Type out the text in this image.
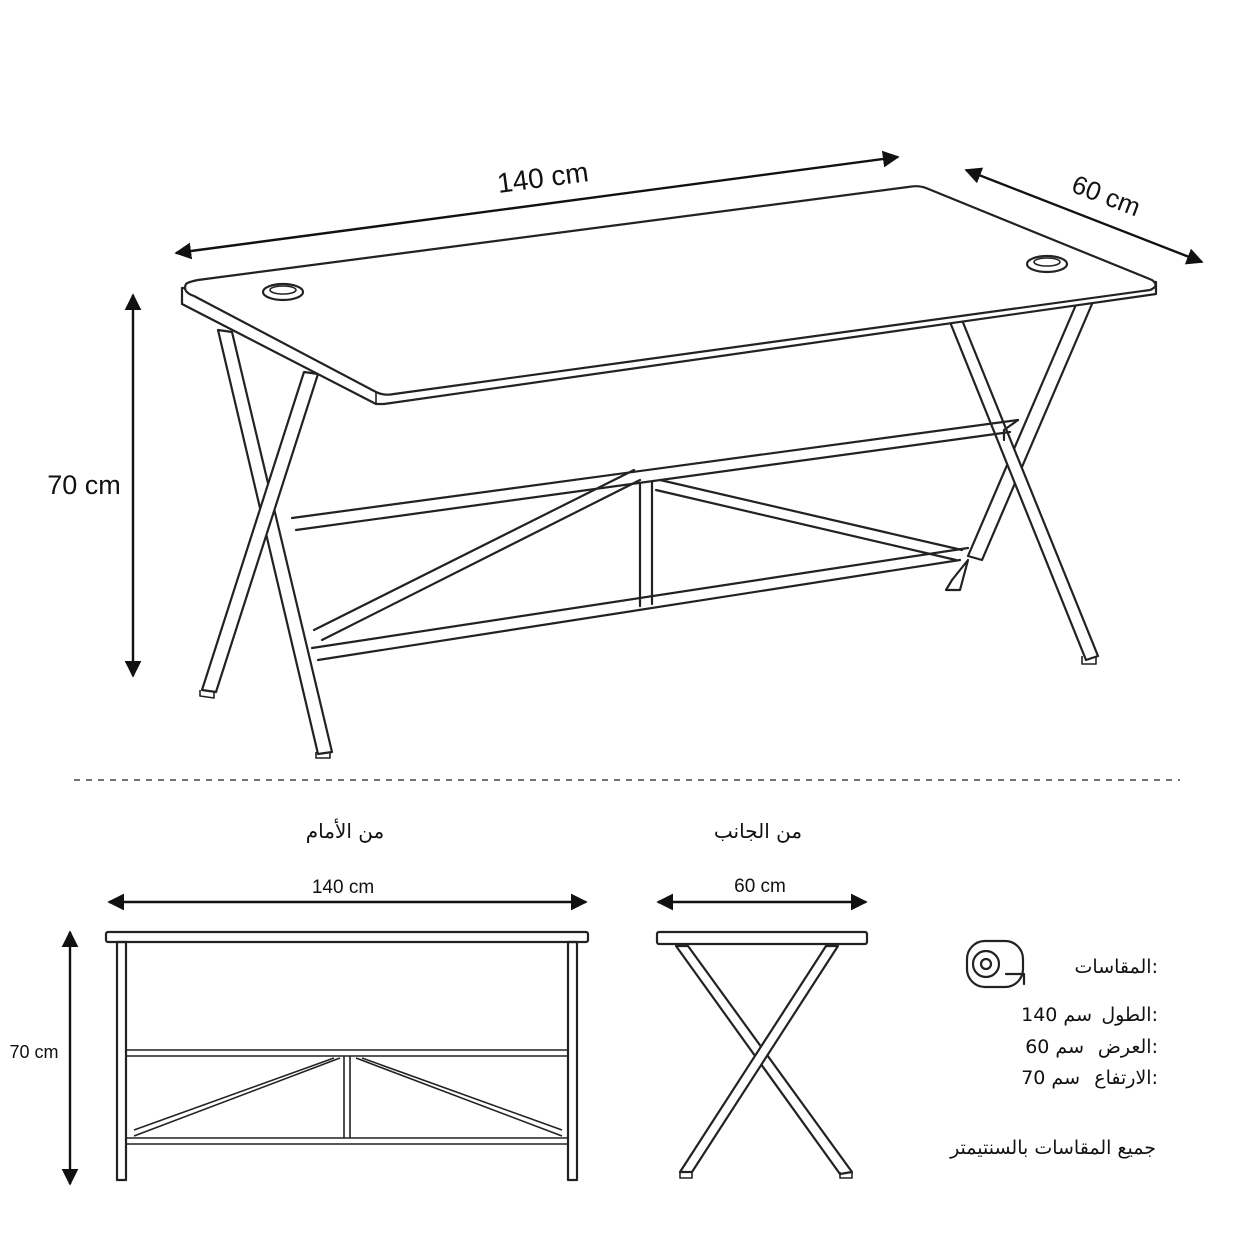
140 cm	60 cm
70 cm
من الأمام
140 cm
70 cm
من الجانب
60 cm
المقاسات:
الطول:
140 سم
العرض:
60 سم
الارتفاع:
70 سم
جميع المقاسات بالسنتيمتر
